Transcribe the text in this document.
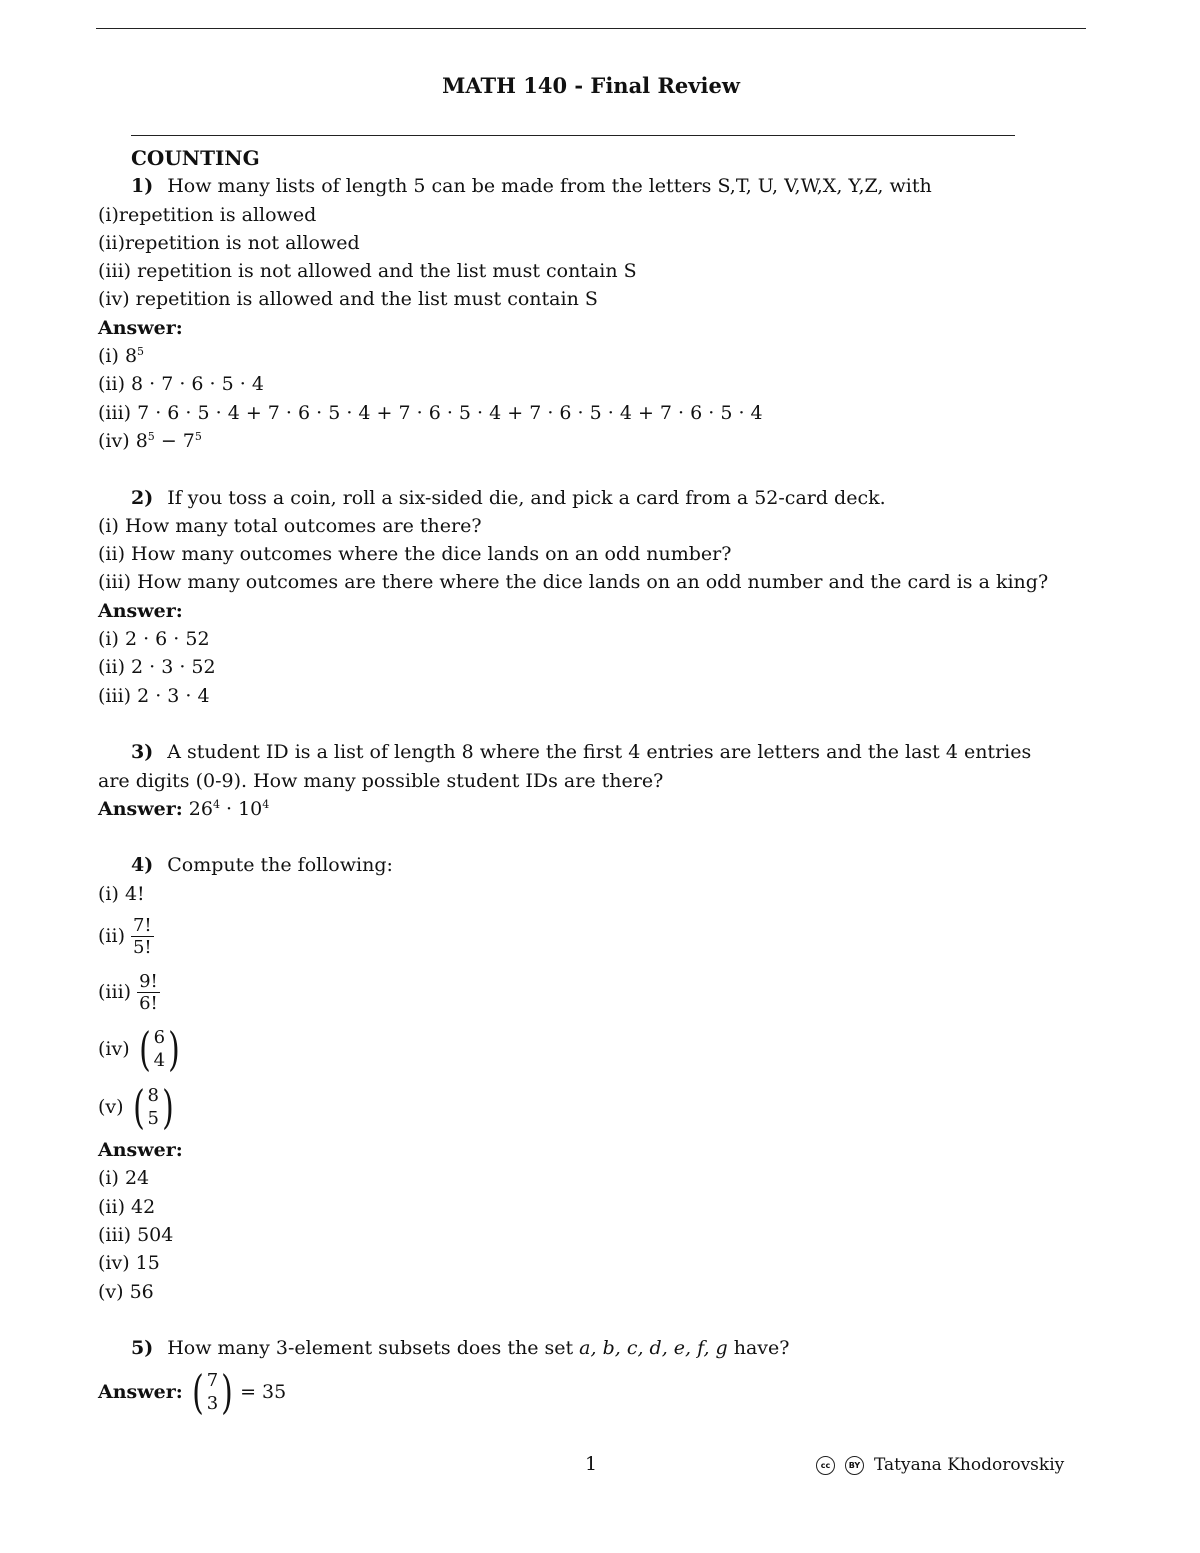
MATH 140 - Final Review
COUNTING
1) How many lists of length 5 can be made from the letters S,T, U, V,W,X, Y,Z, with
(i)repetition is allowed
(ii)repetition is not allowed
(iii) repetition is not allowed and the list must contain S
(iv) repetition is allowed and the list must contain S
Answer:
(i) $8^5$
(ii) 8 · 7 · 6 · 5 · 4
(iii) 7 · 6 · 5 · 4 + 7 · 6 · 5 · 4 + 7 · 6 · 5 · 4 + 7 · 6 · 5 · 4 + 7 · 6 · 5 · 4
(iv) $8^5 - 7^5$
2) If you toss a coin, roll a six-sided die, and pick a card from a 52-card deck.
(i) How many total outcomes are there?
(ii) How many outcomes where the dice lands on an odd number?
(iii) How many outcomes are there where the dice lands on an odd number and the card is a king?
Answer:
(i) 2 · 6 · 52
(ii) 2 · 3 · 52
(iii) 2 · 3 · 4
3) A student ID is a list of length 8 where the first 4 entries are letters and the last 4 entries
are digits (0-9). How many possible student IDs are there?
Answer: $26^4 \cdot 10^4$
4) Compute the following:
(i) 4!
$(ii) \frac{7!}{5!}$
$(iii) \frac{9!}{6!}$
(iv) ( 6
4 )
(v) ( 8
5 )
Answer:
(i) 24
(ii) 42
(iii) 504
(iv) 15
(v) 56
5) How many 3-element subsets does the set a, b, c, d, e, f, g have?
Answer: ( 7
3 ) = 35
1	cc	BY Tatyana Khodorovskiy
